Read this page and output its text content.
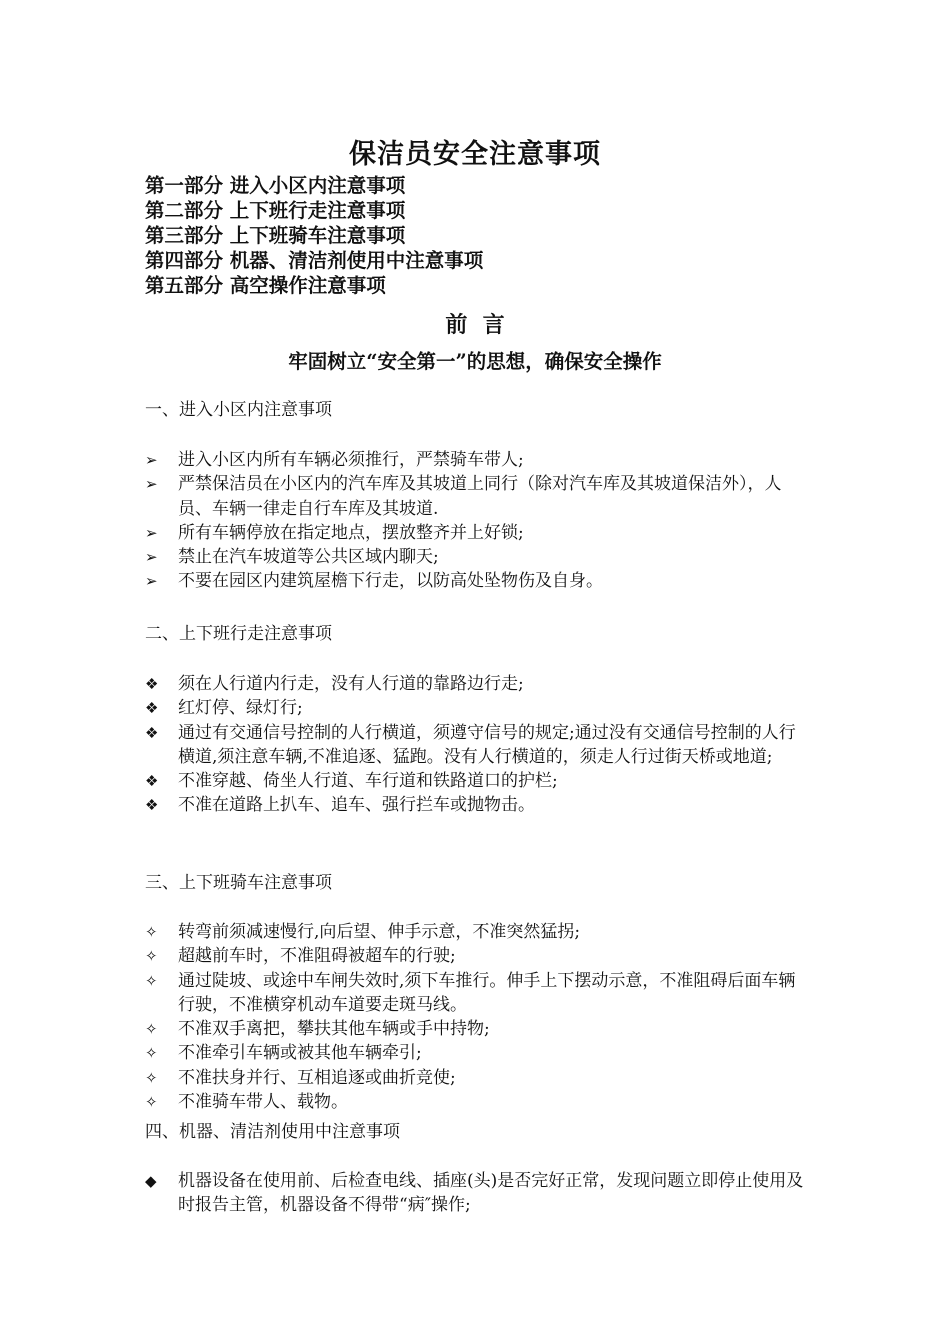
保洁员安全注意事项
第一部分 进入小区内注意事项
第二部分 上下班行走注意事项
第三部分 上下班骑车注意事项
第四部分 机器、清洁剂使用中注意事项
第五部分 高空操作注意事项
前  言
牢固树立“安全第一”的思想，确保安全操作
一、进入小区内注意事项
➢	进入小区内所有车辆必须推行，严禁骑车带人;
➢	严禁保洁员在小区内的汽车库及其坡道上同行（除对汽车库及其坡道保洁外），人员、车辆一律走自行车库及其坡道.
➢	所有车辆停放在指定地点，摆放整齐并上好锁;
➢	禁止在汽车坡道等公共区域内聊天;
➢	不要在园区内建筑屋檐下行走，以防高处坠物伤及自身。
二、上下班行走注意事项
❖	须在人行道内行走，没有人行道的靠路边行走;
❖	红灯停、绿灯行;
❖	通过有交通信号控制的人行横道，须遵守信号的规定;通过没有交通信号控制的人行横道,须注意车辆,不准追逐、猛跑。没有人行横道的，须走人行过街天桥或地道;
❖	不准穿越、倚坐人行道、车行道和铁路道口的护栏;
❖	不准在道路上扒车、追车、强行拦车或抛物击。
三、上下班骑车注意事项
✧	转弯前须减速慢行,向后望、伸手示意，不准突然猛拐;
✧	超越前车时，不准阻碍被超车的行驶;
✧	通过陡坡、或途中车闸失效时,须下车推行。伸手上下摆动示意，不准阻碍后面车辆行驶，不准横穿机动车道要走斑马线。
✧	不准双手离把，攀扶其他车辆或手中持物;
✧	不准牵引车辆或被其他车辆牵引;
✧	不准扶身并行、互相追逐或曲折竞使;
✧	不准骑车带人、载物。
四、机器、清洁剂使用中注意事项
◆	机器设备在使用前、后检查电线、插座(头)是否完好正常，发现问题立即停止使用及时报告主管，机器设备不得带“病″操作;
